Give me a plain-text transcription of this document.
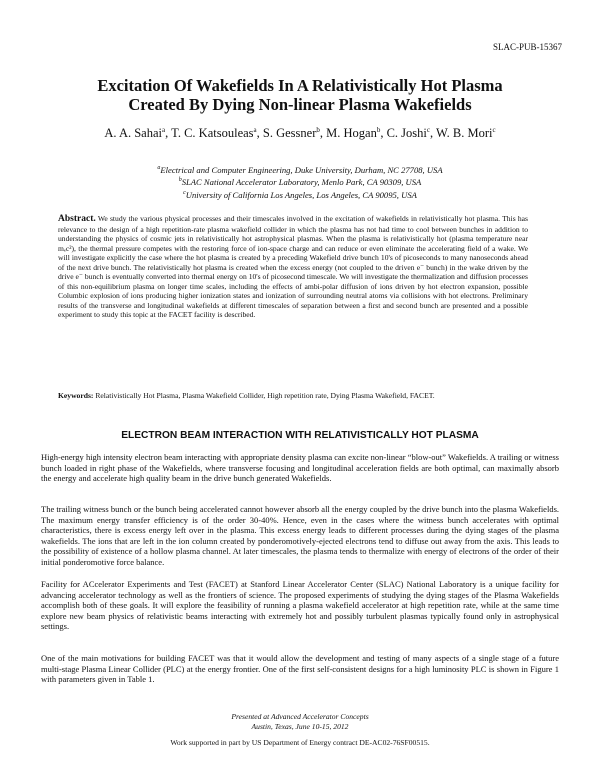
SLAC-PUB-15367
Excitation Of Wakefields In A Relativistically Hot Plasma
Created By Dying Non-linear Plasma Wakefields
A. A. Sahai$^a$, T. C. Katsouleas$^a$, S. Gessner$^b$, M. Hogan$^b$, C. Joshi$^c$, W. B. Mori$^c$
$^a$Electrical and Computer Engineering, Duke University, Durham, NC 27708, USA
$^b$SLAC National Accelerator Laboratory, Menlo Park, CA 90309, USA
$^c$University of California Los Angeles, Los Angeles, CA 90095, USA

Abstract. We study the various physical processes and their timescales involved in the excitation of wakefields in relativistically hot plasma. This has relevance to the design of a high repetition-rate plasma wakefield collider in which the plasma has not had time to cool between bunches in addition to understanding the physics of cosmic jets in relativistically hot astrophysical plasmas. When the plasma is relativistically hot (plasma temperature near mₑc²), the thermal pressure competes with the restoring force of ion-space charge and can reduce or even eliminate the accelerating field of a wake. We will investigate explicitly the case where the hot plasma is created by a preceding Wakefield drive bunch 10's of picoseconds to many nanoseconds ahead of the next drive bunch. The relativistically hot plasma is created when the excess energy (not coupled to the driven e⁻ bunch) in the wake driven by the drive e⁻ bunch is eventually converted into thermal energy on 10's of picosecond timescale. We will investigate the thermalization and diffusion processes of this non-equilibrium plasma on longer time scales, including the effects of ambi-polar diffusion of ions driven by hot electron expansion, possible Columbic explosion of ions producing higher ionization states and ionization of surrounding neutral atoms via collisions with hot electrons. Preliminary results of the transverse and longitudinal wakefields at different timescales of separation between a first and second bunch are presented and a possible experiment to study this topic at the FACET facility is described.

Keywords: Relativistically Hot Plasma, Plasma Wakefield Collider, High repetition rate, Dying Plasma Wakefield, FACET.

ELECTRON BEAM INTERACTION WITH RELATIVISTICALLY HOT PLASMA

High-energy high intensity electron beam interacting with appropriate density plasma can excite non-linear “blow-out” Wakefields. A trailing or witness bunch loaded in right phase of the Wakefields, where transverse focusing and longitudinal acceleration fields are both optimal, can maximally absorb the energy and accelerate high quality beam in the drive bunch generated Wakefields.

The trailing witness bunch or the bunch being accelerated cannot however absorb all the energy coupled by the drive bunch into the plasma Wakefields. The maximum energy transfer efficiency is of the order 30-40%. Hence, even in the cases where the witness bunch accelerates with optimal characteristics, there is excess energy left over in the plasma. This excess energy leads to different processes during the dying stages of the plasma wakefields. The ions that are left in the ion column created by ponderomotively-ejected electrons tend to diffuse out away from the axis. This leads to the possibility of existence of a hollow plasma channel. At later timescales, the plasma tends to thermalize with energy of electrons of the order of their initial ponderomotive force balance.

Facility for ACcelerator Experiments and Test (FACET) at Stanford Linear Accelerator Center (SLAC) National Laboratory is a unique facility for advancing accelerator technology as well as the frontiers of science. The proposed experiments of studying the dying stages of the Plasma Wakefields accomplish both of these goals. It will explore the feasibility of running a plasma wakefield accelerator at high repetition rate, while at the same time explore new beam physics of relativistic beams interacting with extremely hot and possibly turbulent plasmas typically found only in astrophysical settings.

One of the main motivations for building FACET was that it would allow the development and testing of many aspects of a single stage of a future multi-stage Plasma Linear Collider (PLC) at the energy frontier. One of the first self-consistent designs for a high luminosity PLC is shown in Figure 1 with parameters given in Table 1.

Presented at Advanced Accelerator Concepts
Austin, Texas, June 10-15, 2012
Work supported in part by US Department of Energy contract DE-AC02-76SF00515.
